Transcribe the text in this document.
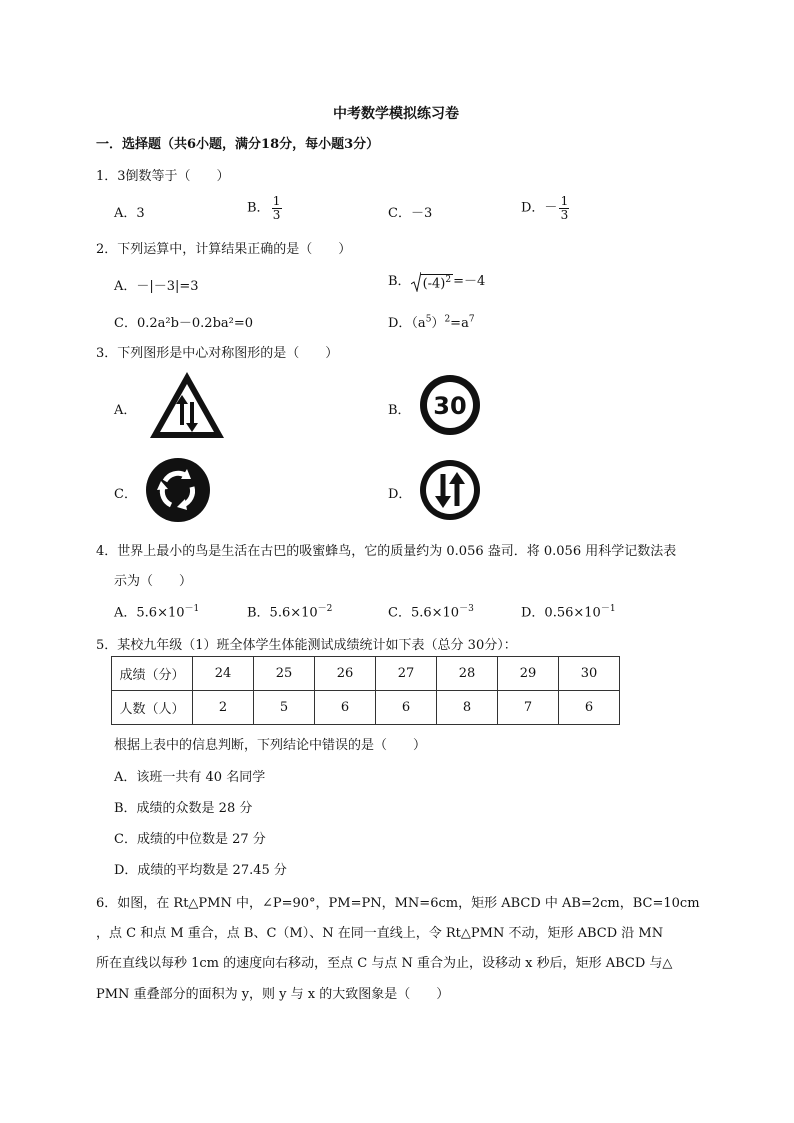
中考数学模拟练习卷
一．选择题（共6小题，满分18分，每小题3分）
1．3倒数等于（　　）
A．3	B． $\frac{1}{3}$	C．－3	D．－ $\frac{1}{3}$
2．下列运算中，计算结果正确的是（　　）
A．－|－3|=3	B． $(-4)^2 =-4$
C．0.2a²b－0.2ba²=0	D．$(a^5)^2=a^7$
3．下列图形是中心对称图形的是（　　）
A．	B． 30
C．	D．
4．世界上最小的鸟是生活在古巴的吸蜜蜂鸟，它的质量约为 0.056 盎司．将 0.056 用科学记数法表
示为（　　）
A．$5.6\times 10^{-1}$	B．$5.6\times 10^{-2}$	C．$5.6\times 10^{-3}$	D．$0.56\times 10^{-1}$
5．某校九年级（1）班全体学生体能测试成绩统计如下表（总分 30分）：
成绩（分）	24	25	26	27	28	29	30
人数（人）	2	5	6	6	8	7	6
根据上表中的信息判断，下列结论中错误的是（　　）
A．该班一共有 40 名同学
B．成绩的众数是 28 分
C．成绩的中位数是 27 分
D．成绩的平均数是 27.45 分
6．如图，在 Rt△PMN 中，∠P=90°，PM=PN，MN=6cm，矩形 ABCD 中 AB=2cm，BC=10cm
，点 C 和点 M 重合，点 B、C（M）、N 在同一直线上，令 Rt△PMN 不动，矩形 ABCD 沿 MN
所在直线以每秒 1cm 的速度向右移动，至点 C 与点 N 重合为止，设移动 x 秒后，矩形 ABCD 与△
PMN 重叠部分的面积为 y，则 y 与 x 的大致图象是（　　）
